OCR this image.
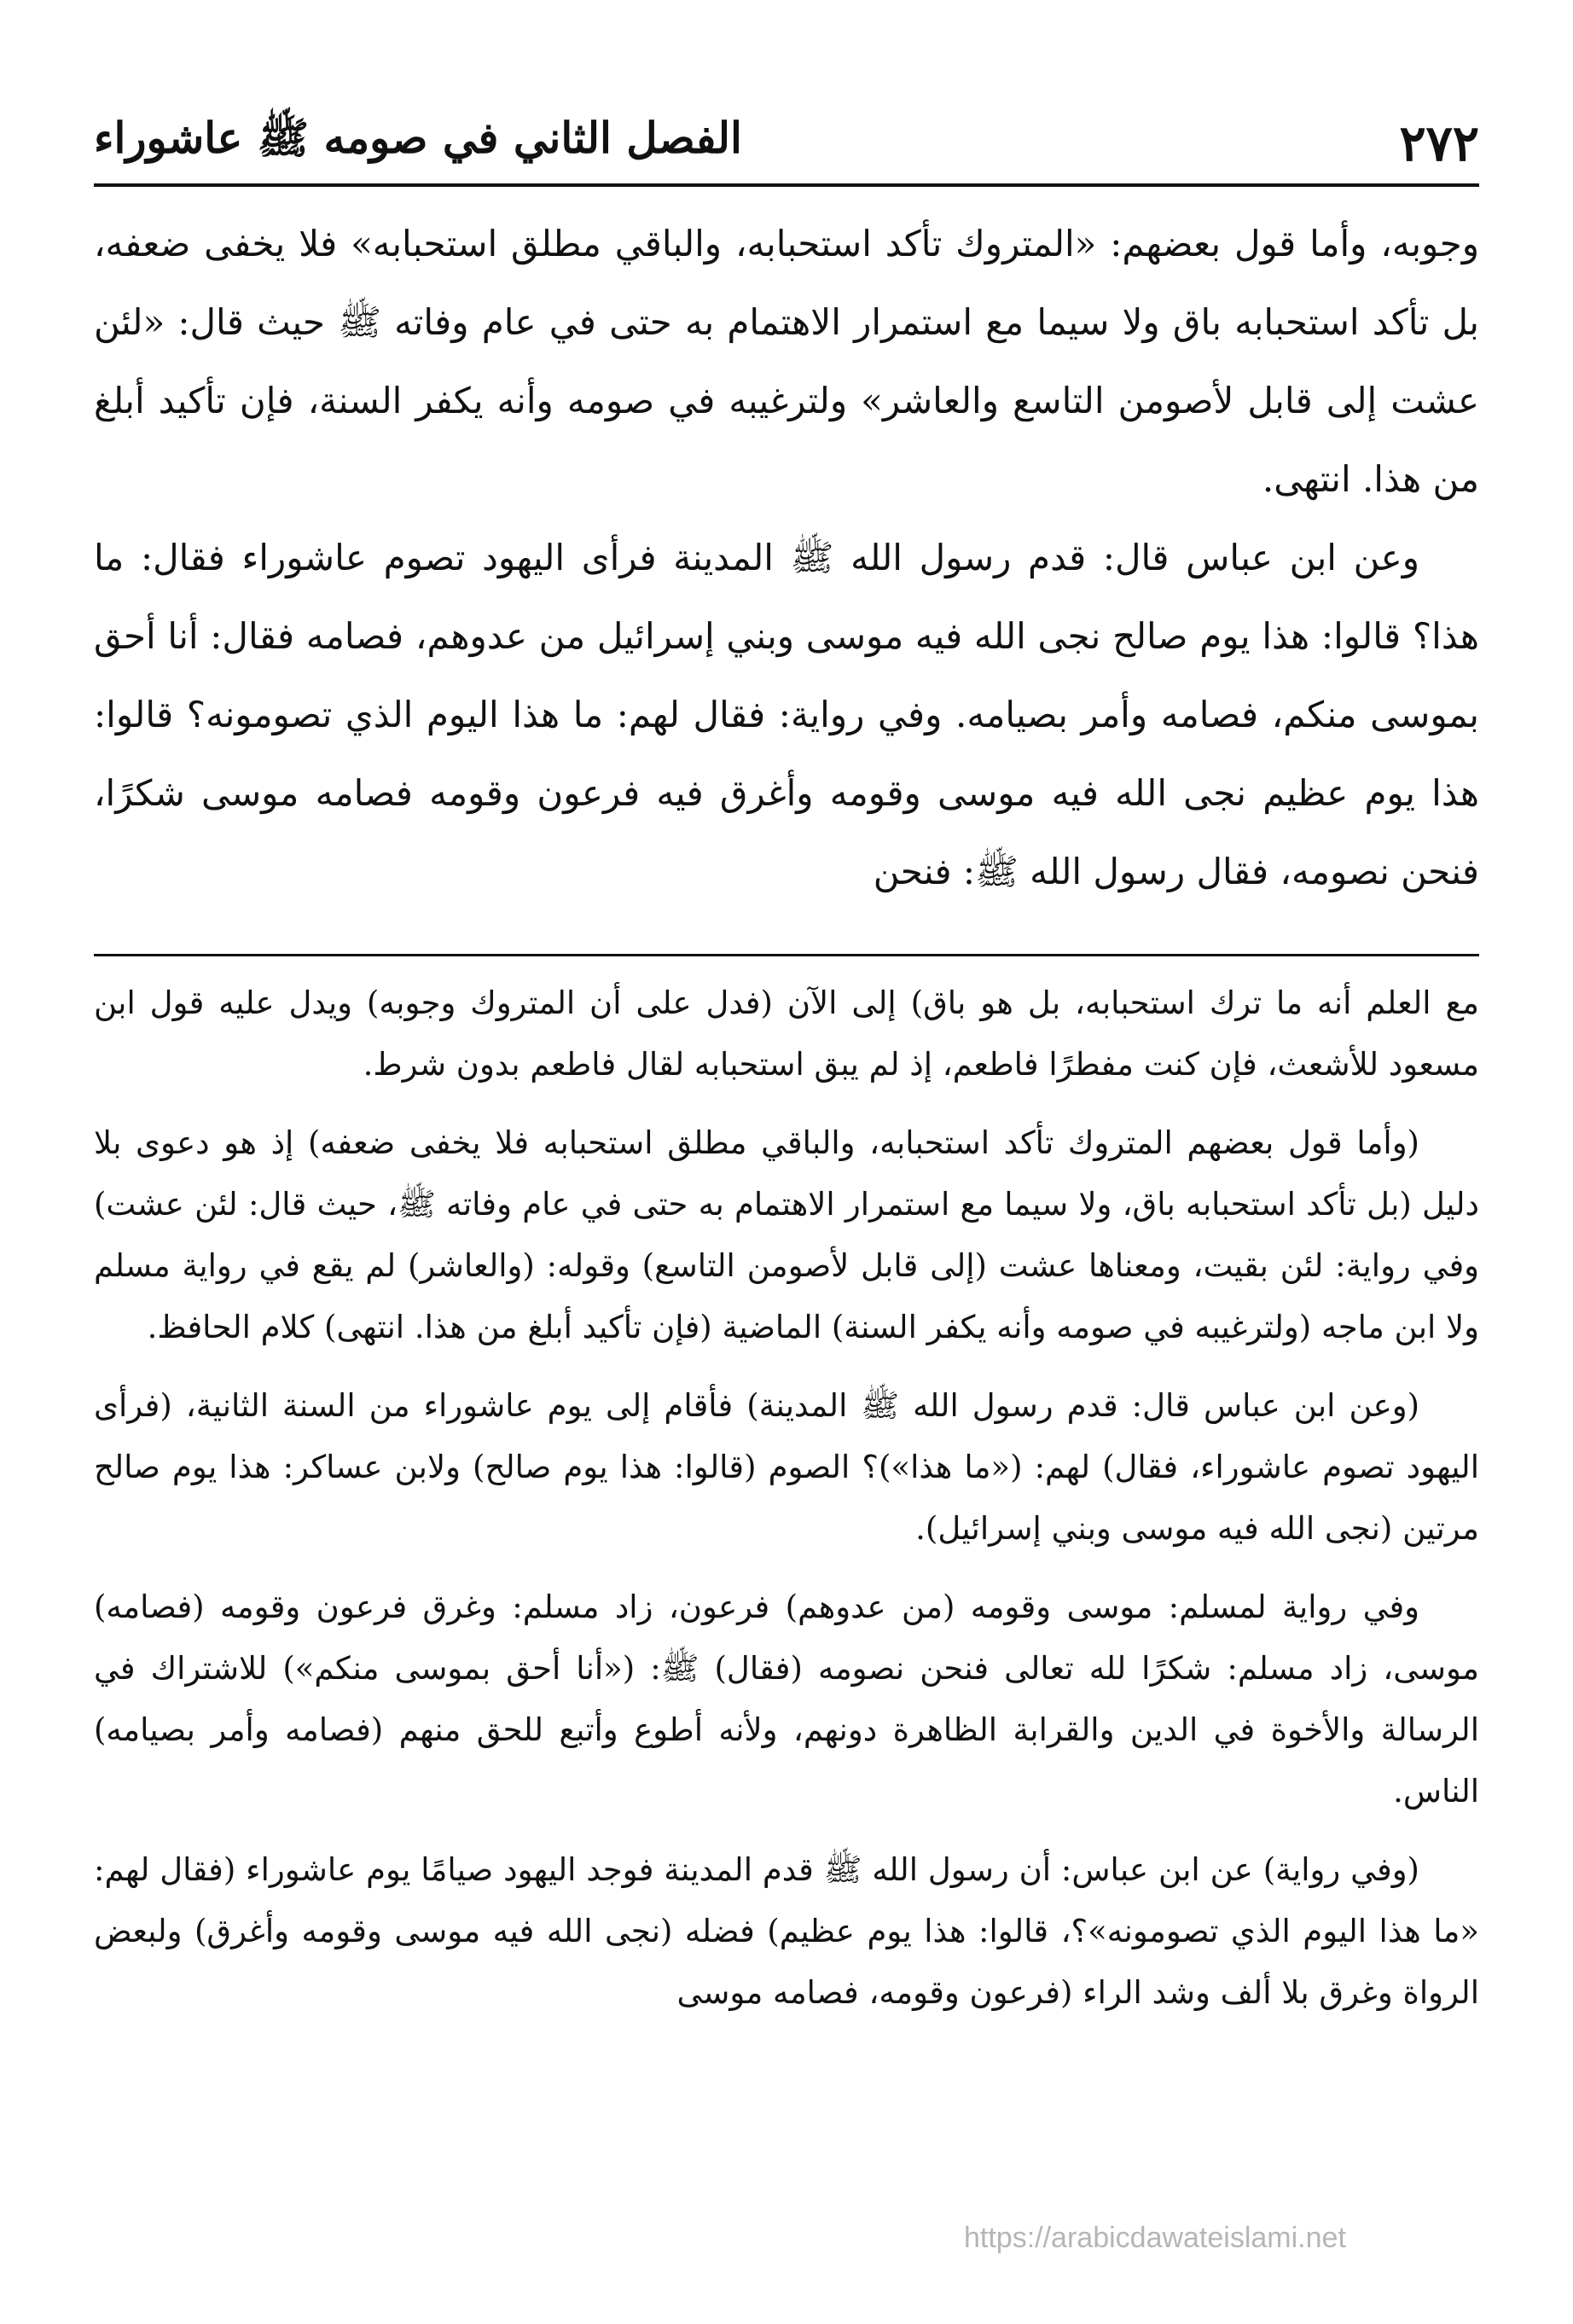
٢٧٢
الفصل الثاني في صومه ﷺ عاشوراء

وجوبه، وأما قول بعضهم: «المتروك تأكد استحبابه، والباقي مطلق استحبابه» فلا يخفى ضعفه، بل تأكد استحبابه باق ولا سيما مع استمرار الاهتمام به حتى في عام وفاته ﷺ حيث قال: «لئن عشت إلى قابل لأصومن التاسع والعاشر» ولترغيبه في صومه وأنه يكفر السنة، فإن تأكيد أبلغ من هذا. انتهى.

وعن ابن عباس قال: قدم رسول الله ﷺ المدينة فرأى اليهود تصوم عاشوراء فقال: ما هذا؟ قالوا: هذا يوم صالح نجى الله فيه موسى وبني إسرائيل من عدوهم، فصامه فقال: أنا أحق بموسى منكم، فصامه وأمر بصيامه. وفي رواية: فقال لهم: ما هذا اليوم الذي تصومونه؟ قالوا: هذا يوم عظيم نجى الله فيه موسى وقومه وأغرق فيه فرعون وقومه فصامه موسى شكرًا، فنحن نصومه، فقال رسول الله ﷺ: فنحن

مع العلم أنه ما ترك استحبابه، بل هو باق) إلى الآن (فدل على أن المتروك وجوبه) ويدل عليه قول ابن مسعود للأشعث، فإن كنت مفطرًا فاطعم، إذ لم يبق استحبابه لقال فاطعم بدون شرط.

(وأما قول بعضهم المتروك تأكد استحبابه، والباقي مطلق استحبابه فلا يخفى ضعفه) إذ هو دعوى بلا دليل (بل تأكد استحبابه باق، ولا سيما مع استمرار الاهتمام به حتى في عام وفاته ﷺ، حيث قال: لئن عشت) وفي رواية: لئن بقيت، ومعناها عشت (إلى قابل لأصومن التاسع) وقوله: (والعاشر) لم يقع في رواية مسلم ولا ابن ماجه (ولترغيبه في صومه وأنه يكفر السنة) الماضية (فإن تأكيد أبلغ من هذا. انتهى) كلام الحافظ.

(وعن ابن عباس قال: قدم رسول الله ﷺ المدينة) فأقام إلى يوم عاشوراء من السنة الثانية، (فرأى اليهود تصوم عاشوراء، فقال) لهم: («ما هذا»)؟ الصوم (قالوا: هذا يوم صالح) ولابن عساكر: هذا يوم صالح مرتين (نجى الله فيه موسى وبني إسرائيل).

وفي رواية لمسلم: موسى وقومه (من عدوهم) فرعون، زاد مسلم: وغرق فرعون وقومه (فصامه) موسى، زاد مسلم: شكرًا لله تعالى فنحن نصومه (فقال) ﷺ: («أنا أحق بموسى منكم») للاشتراك في الرسالة والأخوة في الدين والقرابة الظاهرة دونهم، ولأنه أطوع وأتبع للحق منهم (فصامه وأمر بصيامه) الناس.

(وفي رواية) عن ابن عباس: أن رسول الله ﷺ قدم المدينة فوجد اليهود صيامًا يوم عاشوراء (فقال لهم: «ما هذا اليوم الذي تصومونه»؟، قالوا: هذا يوم عظيم) فضله (نجى الله فيه موسى وقومه وأغرق) ولبعض الرواة وغرق بلا ألف وشد الراء (فرعون وقومه، فصامه موسى

https://arabicdawateislami.net
